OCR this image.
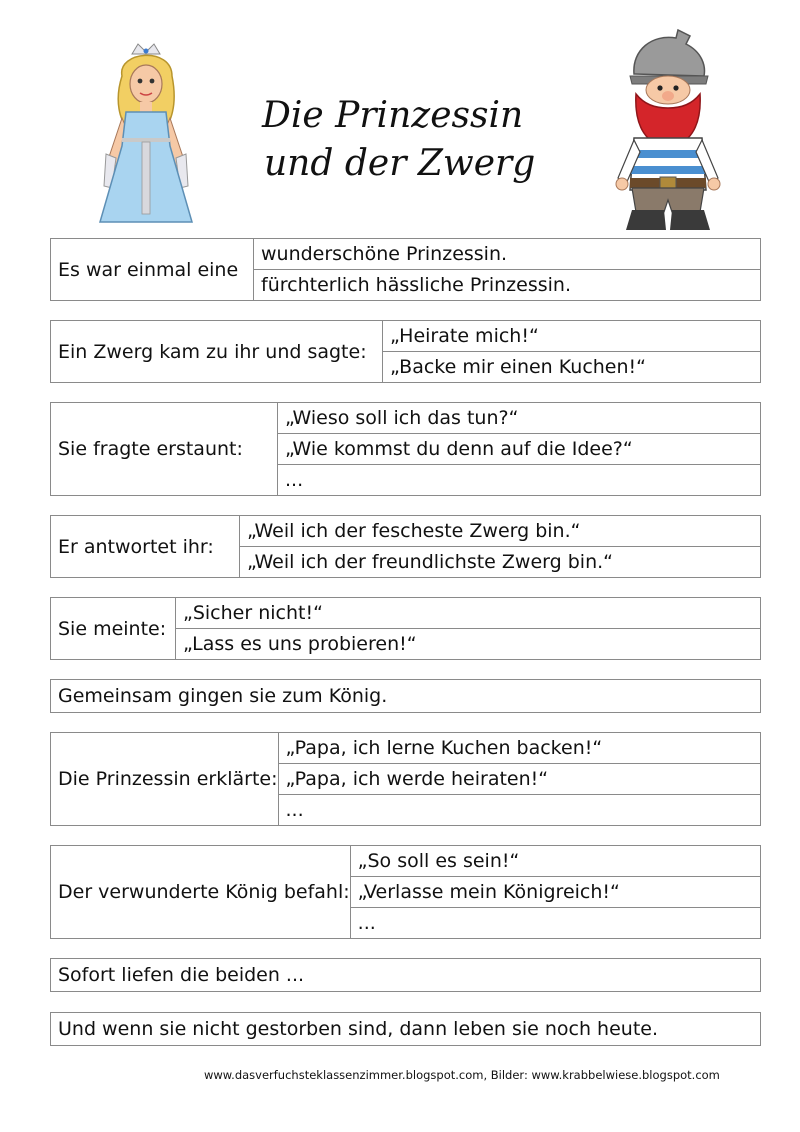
Die Prinzessin
und der Zwerg
Es war einmal eine	wunderschöne Prinzessin.
fürchterlich hässliche Prinzessin.
Ein Zwerg kam zu ihr und sagte:	„Heirate mich!“
„Backe mir einen Kuchen!“
Sie fragte erstaunt:	„Wieso soll ich das tun?“
„Wie kommst du denn auf die Idee?“
...
Er antwortet ihr:	„Weil ich der fescheste Zwerg bin.“
„Weil ich der freundlichste Zwerg bin.“
Sie meinte:	„Sicher nicht!“
„Lass es uns probieren!“
Gemeinsam gingen sie zum König.
Die Prinzessin erklärte:	„Papa, ich lerne Kuchen backen!“
„Papa, ich werde heiraten!“
...
Der verwunderte König befahl:	„So soll es sein!“
„Verlasse mein Königreich!“
...
Sofort liefen die beiden ...
Und wenn sie nicht gestorben sind, dann leben sie noch heute.
www.dasverfuchsteklassenzimmer.blogspot.com, Bilder: www.krabbelwiese.blogspot.com
